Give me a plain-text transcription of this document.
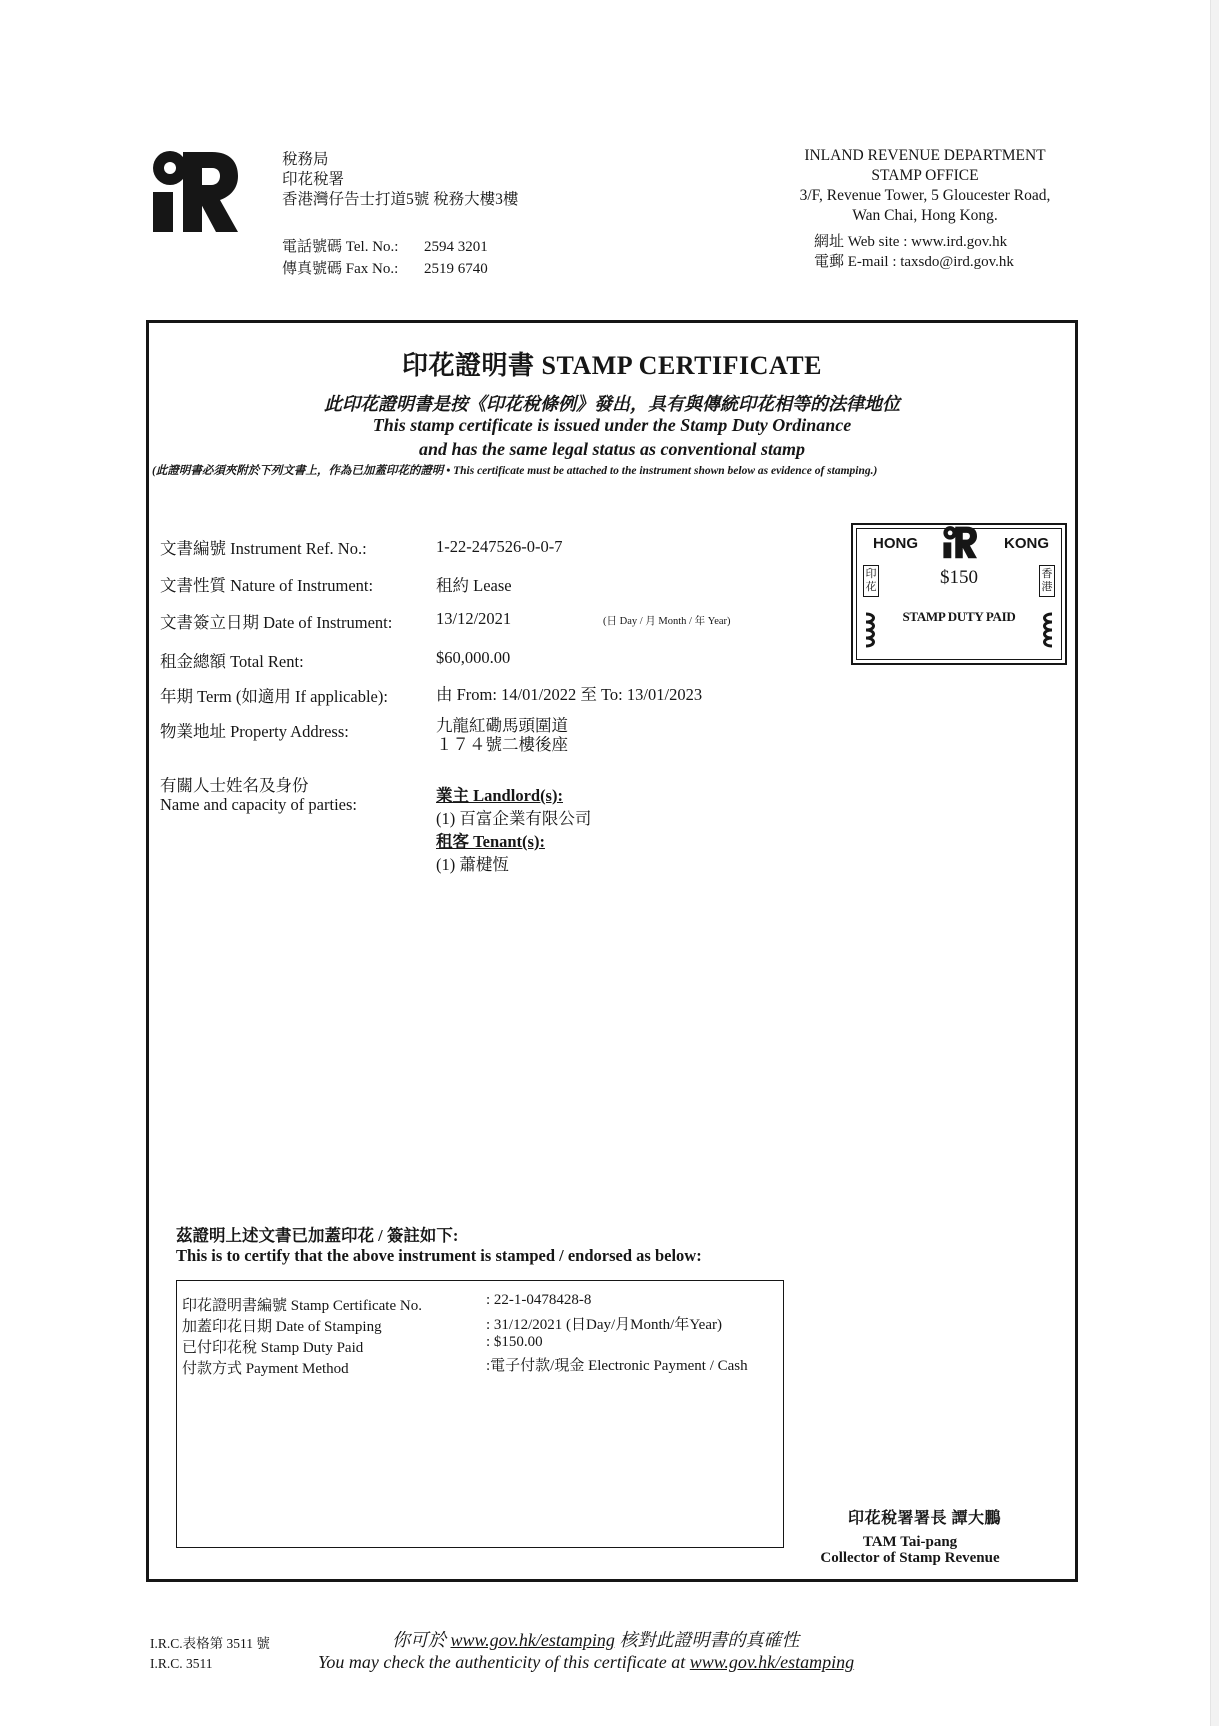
稅務局
印花稅署
香港灣仔告士打道5號 稅務大樓3樓
電話號碼 Tel. No.: 2594 3201
傳真號碼 Fax No.: 2519 6740
INLAND REVENUE DEPARTMENT
STAMP OFFICE
3/F, Revenue Tower, 5 Gloucester Road,
Wan Chai, Hong Kong.
網址 Web site : www.ird.gov.hk
電郵 E-mail : taxsdo@ird.gov.hk
印花證明書 STAMP CERTIFICATE
此印花證明書是按《印花稅條例》發出，具有與傳統印花相等的法律地位
This stamp certificate is issued under the Stamp Duty Ordinance
and has the same legal status as conventional stamp
(此證明書必須夾附於下列文書上，作為已加蓋印花的證明 • This certificate must be attached to the instrument shown below as evidence of stamping.)
文書編號 Instrument Ref. No.:	1-22-247526-0-0-7
文書性質 Nature of Instrument:	租約 Lease
文書簽立日期 Date of Instrument:	13/12/2021	(日 Day / 月 Month / 年 Year)
租金總額 Total Rent:	$60,000.00
年期 Term (如適用 If applicable):	由 From: 14/01/2022 至 To: 13/01/2023
物業地址 Property Address:	九龍紅磡馬頭圍道
１７４號二樓後座
有關人士姓名及身份
Name and capacity of parties:	業主 Landlord(s):
(1) 百富企業有限公司
租客 Tenant(s):
(1) 蕭楗恆
HONG	KONG
$150
STAMP DUTY PAID
印花
香港
茲證明上述文書已加蓋印花 / 簽註如下:
This is to certify that the above instrument is stamped / endorsed as below:
印花證明書編號 Stamp Certificate No.	: 22-1-0478428-8
加蓋印花日期 Date of Stamping	: 31/12/2021 (日Day/月Month/年Year)
已付印花稅 Stamp Duty Paid	: $150.00
付款方式 Payment Method	:電子付款/現金 Electronic Payment / Cash
印花稅署署長 譚大鵬
TAM Tai-pang
Collector of Stamp Revenue
I.R.C.表格第 3511 號
I.R.C. 3511
你可於 www.gov.hk/estamping 核對此證明書的真確性
You may check the authenticity of this certificate at www.gov.hk/estamping
